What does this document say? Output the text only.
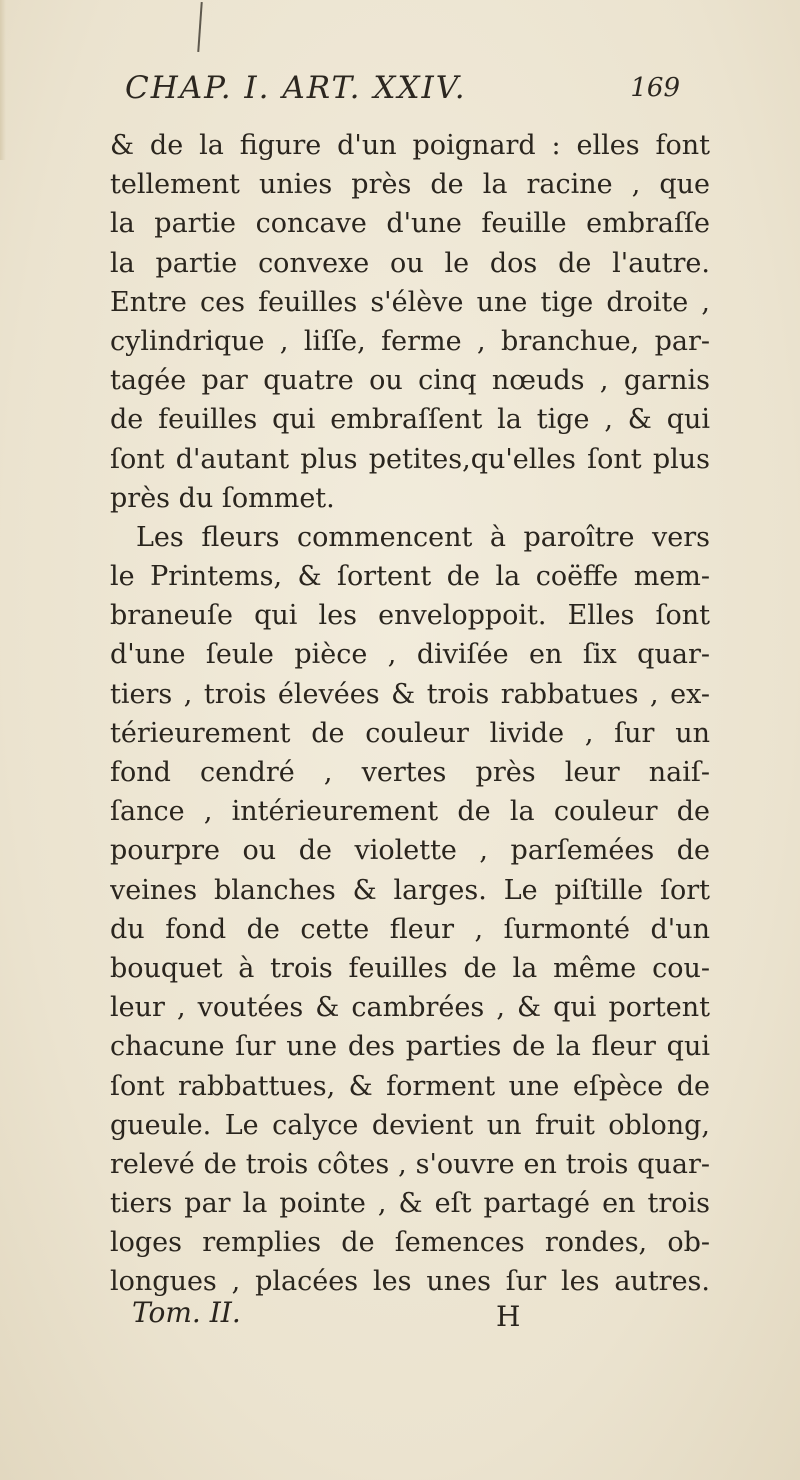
CHAP. I. ART. XXIV.	169
& de la figure d'un poignard : elles font
tellement unies près de la racine , que
la partie concave d'une feuille embraſſe
la partie convexe ou le dos de l'autre.
Entre ces feuilles s'élève une tige droite ,
cylindrique , liſſe, ferme , branchue, par-
tagée par quatre ou cinq nœuds , garnis
de feuilles qui embraſſent la tige , & qui
ſont d'autant plus petites,qu'elles ſont plus
près du ſommet.
Les fleurs commencent à paroître vers
le Printems, & ſortent de la coëffe mem-
braneuſe qui les enveloppoit. Elles ſont
d'une ſeule pièce , diviſée en ſix quar-
tiers , trois élevées & trois rabbatues , ex-
térieurement de couleur livide , ſur un
fond cendré , vertes près leur naiſ-
ſance , intérieurement de la couleur de
pourpre ou de violette , parſemées de
veines blanches & larges. Le piſtille ſort
du fond de cette fleur , ſurmonté d'un
bouquet à trois feuilles de la même cou-
leur , voutées & cambrées , & qui portent
chacune ſur une des parties de la fleur qui
ſont rabbattues, & forment une eſpèce de
gueule. Le calyce devient un fruit oblong,
relevé de trois côtes , s'ouvre en trois quar-
tiers par la pointe , & eſt partagé en trois
loges remplies de ſemences rondes, ob-
longues , placées les unes ſur les autres.
Tom. II.	H
